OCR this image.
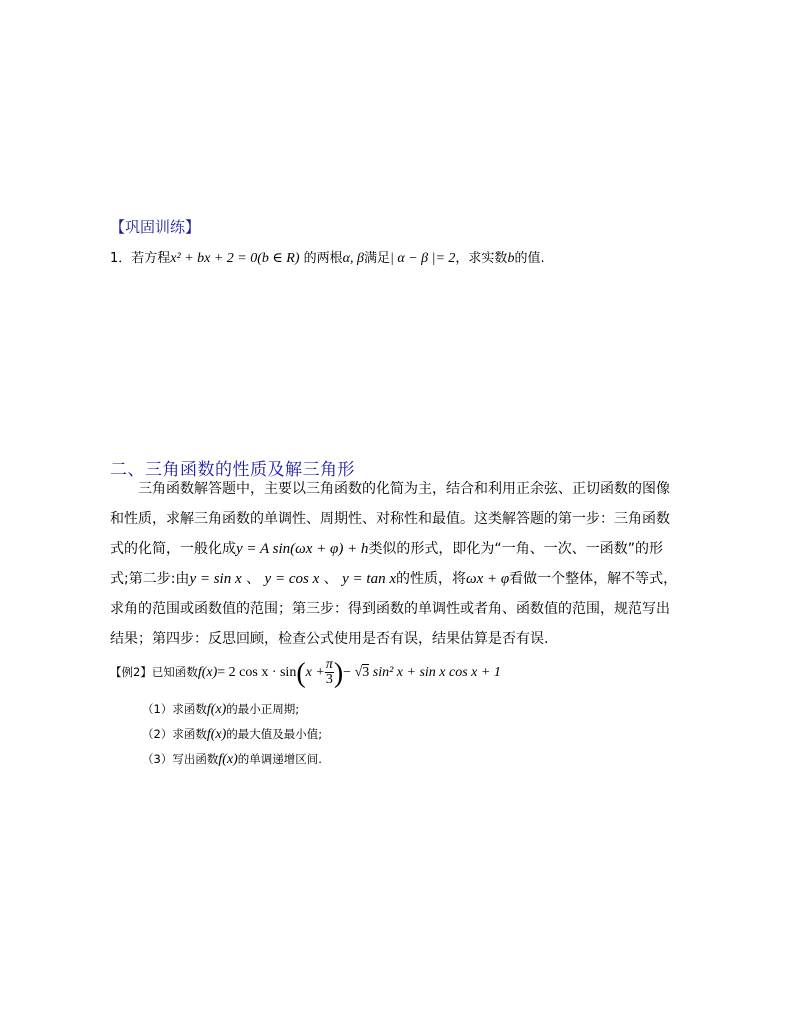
【巩固训练】
1．若方程x² + bx + 2 = 0(b ∈ R) 的两根α, β满足| α − β |= 2，求实数b的值.
二、三角函数的性质及解三角形
三角函数解答题中，主要以三角函数的化简为主，结合和利用正余弦、正切函数的图像
和性质，求解三角函数的单调性、周期性、对称性和最值。这类解答题的第一步：三角函数
式的化简，一般化成y = A sin(ωx + φ) + h类似的形式，即化为“一角、一次、一函数”的形
式;第二步:由y = sin x 、 y = cos x 、 y = tan x的性质，将ωx + φ看做一个整体，解不等式，
求角的范围或函数值的范围；第三步：得到函数的单调性或者角、函数值的范围，规范写出
结果；第四步：反思回顾，检查公式使用是否有误，结果估算是否有误.
【例2】已知函数f(x)= 2 $\cos x \cdot \sin(x + \frac{\pi}{3}$ )− √3 sin² x + sin x cos x + 1
（1）求函数f(x)的最小正周期;
（2）求函数f(x)的最大值及最小值;
（3）写出函数f(x)的单调递增区间.
